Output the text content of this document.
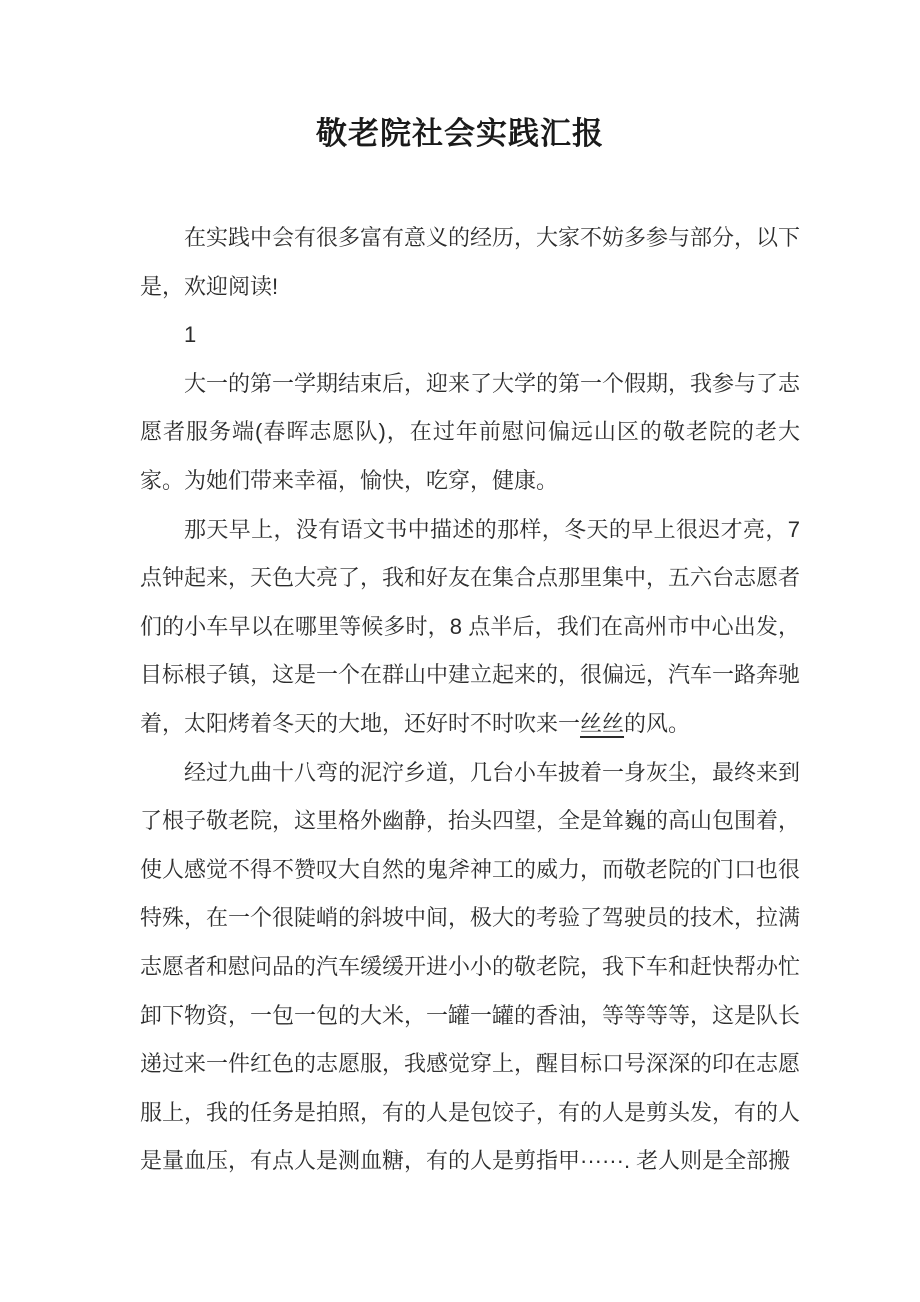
敬老院社会实践汇报

在实践中会有很多富有意义的经历，大家不妨多参与部分，以下是，欢迎阅读!

1

大一的第一学期结束后，迎来了大学的第一个假期，我参与了志愿者服务端(春晖志愿队)，在过年前慰问偏远山区的敬老院的老大家。为她们带来幸福，愉快，吃穿，健康。

那天早上，没有语文书中描述的那样，冬天的早上很迟才亮，7 点钟起来，天色大亮了，我和好友在集合点那里集中，五六台志愿者们的小车早以在哪里等候多时，8 点半后，我们在高州市中心出发，目标根子镇，这是一个在群山中建立起来的，很偏远，汽车一路奔驰着，太阳烤着冬天的大地，还好时不时吹来一丝丝的风。

经过九曲十八弯的泥泞乡道，几台小车披着一身灰尘，最终来到了根子敬老院，这里格外幽静，抬头四望，全是耸巍的高山包围着，使人感觉不得不赞叹大自然的鬼斧神工的威力，而敬老院的门口也很特殊，在一个很陡峭的斜坡中间，极大的考验了驾驶员的技术，拉满志愿者和慰问品的汽车缓缓开进小小的敬老院，我下车和赶快帮办忙卸下物资，一包一包的大米，一罐一罐的香油，等等等等，这是队长递过来一件红色的志愿服，我感觉穿上，醒目标口号深深的印在志愿服上，我的任务是拍照，有的人是包饺子，有的人是剪头发，有的人是量血压，有点人是测血糖，有的人是剪指甲······. 老人则是全部搬
